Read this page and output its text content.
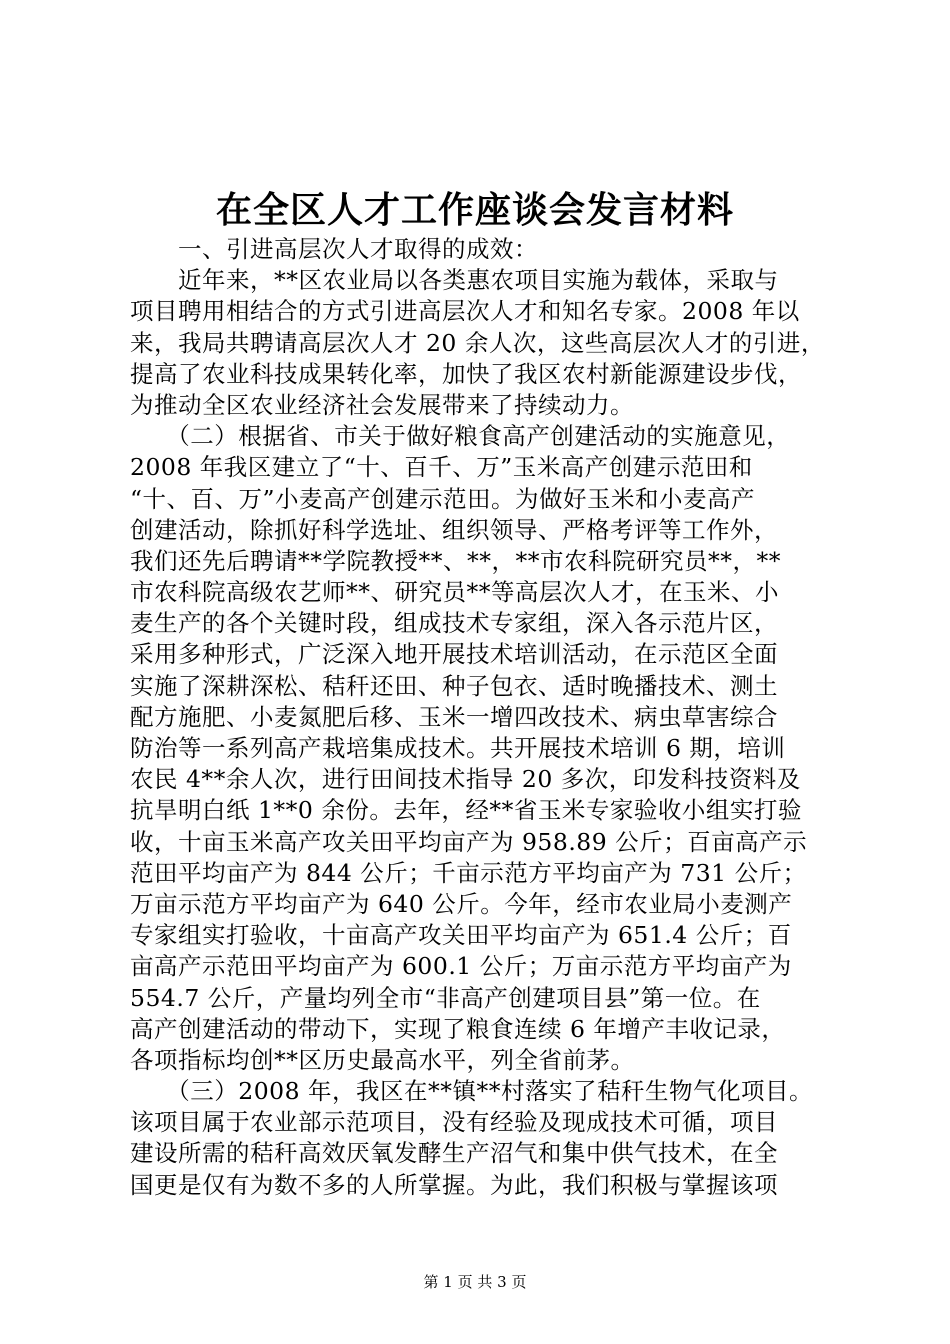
在全区人才工作座谈会发言材料
　　一、引进高层次人才取得的成效：
　　近年来，**区农业局以各类惠农项目实施为载体，采取与
项目聘用相结合的方式引进高层次人才和知名专家。2008 年以
来，我局共聘请高层次人才 20 余人次，这些高层次人才的引进，
提高了农业科技成果转化率，加快了我区农村新能源建设步伐，
为推动全区农业经济社会发展带来了持续动力。
　　（二）根据省、市关于做好粮食高产创建活动的实施意见，
2008 年我区建立了“十、百千、万”玉米高产创建示范田和
“十、百、万”小麦高产创建示范田。为做好玉米和小麦高产
创建活动，除抓好科学选址、组织领导、严格考评等工作外，
我们还先后聘请**学院教授**、**，**市农科院研究员**，**
市农科院高级农艺师**、研究员**等高层次人才，在玉米、小
麦生产的各个关键时段，组成技术专家组，深入各示范片区，
采用多种形式，广泛深入地开展技术培训活动，在示范区全面
实施了深耕深松、秸秆还田、种子包衣、适时晚播技术、测土
配方施肥、小麦氮肥后移、玉米一增四改技术、病虫草害综合
防治等一系列高产栽培集成技术。共开展技术培训 6 期，培训
农民 4**余人次，进行田间技术指导 20 多次，印发科技资料及
抗旱明白纸 1**0 余份。去年，经**省玉米专家验收小组实打验
收，十亩玉米高产攻关田平均亩产为 958.89 公斤；百亩高产示
范田平均亩产为 844 公斤；千亩示范方平均亩产为 731 公斤；
万亩示范方平均亩产为 640 公斤。今年，经市农业局小麦测产
专家组实打验收，十亩高产攻关田平均亩产为 651.4 公斤；百
亩高产示范田平均亩产为 600.1 公斤；万亩示范方平均亩产为
554.7 公斤，产量均列全市“非高产创建项目县”第一位。在
高产创建活动的带动下，实现了粮食连续 6 年增产丰收记录，
各项指标均创**区历史最高水平，列全省前茅。
　　（三）2008 年，我区在**镇**村落实了秸秆生物气化项目。
该项目属于农业部示范项目，没有经验及现成技术可循，项目
建设所需的秸秆高效厌氧发酵生产沼气和集中供气技术，在全
国更是仅有为数不多的人所掌握。为此，我们积极与掌握该项
第 1 页 共 3 页
